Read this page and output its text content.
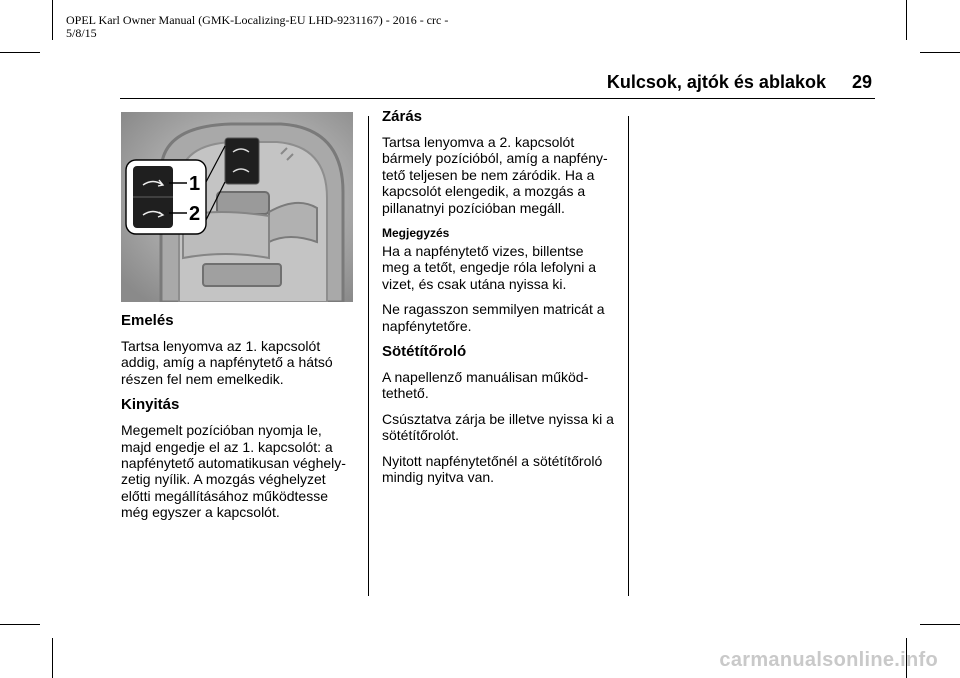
OPEL Karl Owner Manual (GMK-Localizing-EU LHD-9231167) - 2016 - crc -
5/8/15
Kulcsok, ajtók és ablakok 29
1
2
Emelés

Tartsa lenyomva az 1. kapcsolót addig, amíg a napfénytető a hátsó részen fel nem emelkedik.

Kinyitás

Megemelt pozícióban nyomja le, majd engedje el az 1. kapcsolót: a napfénytető automatikusan véghely-zetig nyílik. A mozgás véghelyzet előtti megállításához működtesse még egyszer a kapcsolót.

Zárás

Tartsa lenyomva a 2. kapcsolót bármely pozícióból, amíg a napfény-tető teljesen be nem záródik. Ha a kapcsolót elengedik, a mozgás a pillanatnyi pozícióban megáll.

Megjegyzés

Ha a napfénytető vizes, billentse meg a tetőt, engedje róla lefolyni a vizet, és csak utána nyissa ki.

Ne ragasszon semmilyen matricát a napfénytetőre.

Sötétítőroló

A napellenző manuálisan működ-tethető.

Csúsztatva zárja be illetve nyissa ki a sötétítőrolót.

Nyitott napfénytetőnél a sötétítőroló mindig nyitva van.

carmanualsonline.info
